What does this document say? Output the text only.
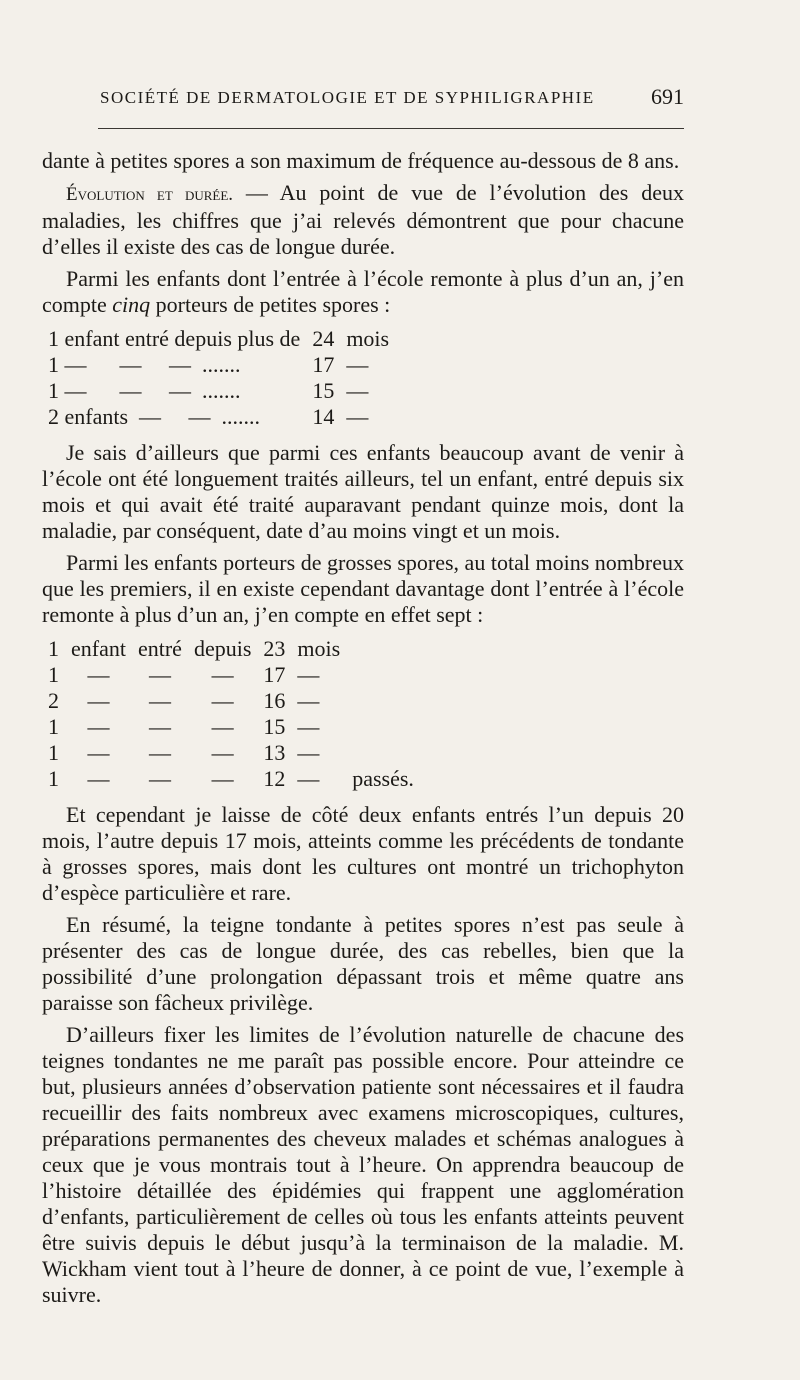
SOCIÉTÉ DE DERMATOLOGIE ET DE SYPHILIGRAPHIE	691

dante à petites spores a son maximum de fréquence au-dessous de 8 ans.

Évolution et durée. — Au point de vue de l’évolution des deux maladies, les chiffres que j’ai relevés démontrent que pour chacune d’elles il existe des cas de longue durée.

Parmi les enfants dont l’entrée à l’école remonte à plus d’un an, j’en compte cinq porteurs de petites spores :

1 enfant entré depuis plus de	24	mois
1 —      —     —  .......	17	—
1 —      —     —  .......	15	—
2 enfants  —     —  .......	14	—

Je sais d’ailleurs que parmi ces enfants beaucoup avant de venir à l’école ont été longuement traités ailleurs, tel un enfant, entré depuis six mois et qui avait été traité auparavant pendant quinze mois, dont la maladie, par conséquent, date d’au moins vingt et un mois.

Parmi les enfants porteurs de grosses spores, au total moins nombreux que les premiers, il en existe cependant davantage dont l’entrée à l’école remonte à plus d’un an, j’en compte en effet sept :

1	enfant	entré	depuis	23	mois	
1	—	—	—	17	—	
2	—	—	—	16	—	
1	—	—	—	15	—	
1	—	—	—	13	—	
1	—	—	—	12	—	passés.

Et cependant je laisse de côté deux enfants entrés l’un depuis 20 mois, l’autre depuis 17 mois, atteints comme les précédents de tondante à grosses spores, mais dont les cultures ont montré un trichophyton d’espèce particulière et rare.

En résumé, la teigne tondante à petites spores n’est pas seule à présenter des cas de longue durée, des cas rebelles, bien que la possibilité d’une prolongation dépassant trois et même quatre ans paraisse son fâcheux privilège.

D’ailleurs fixer les limites de l’évolution naturelle de chacune des teignes tondantes ne me paraît pas possible encore. Pour atteindre ce but, plusieurs années d’observation patiente sont nécessaires et il faudra recueillir des faits nombreux avec examens microscopiques, cultures, préparations permanentes des cheveux malades et schémas analogues à ceux que je vous montrais tout à l’heure. On apprendra beaucoup de l’histoire détaillée des épidémies qui frappent une agglomération d’enfants, particulièrement de celles où tous les enfants atteints peuvent être suivis depuis le début jusqu’à la terminaison de la maladie. M. Wickham vient tout à l’heure de donner, à ce point de vue, l’exemple à suivre.
